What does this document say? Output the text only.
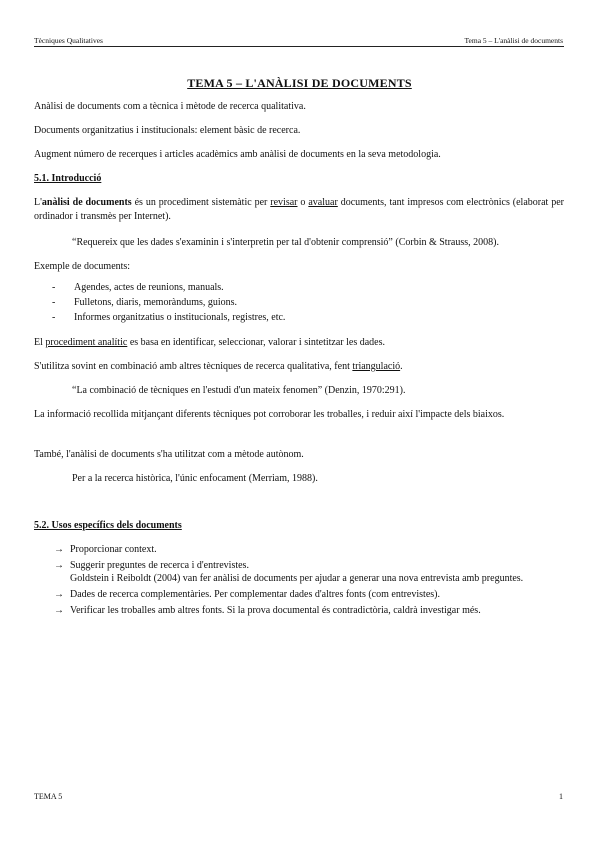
Tècniques Qualitatives	Tema 5 – L'anàlisi de documents
TEMA 5 – L'ANÀLISI DE DOCUMENTS
Anàlisi de documents com a tècnica i mètode de recerca qualitativa.
Documents organitzatius i institucionals: element bàsic de recerca.
Augment número de recerques i articles acadèmics amb anàlisi de documents en la seva metodologia.
5.1. Introducció
L'anàlisi de documents és un procediment sistemàtic per revisar o avaluar documents, tant impresos com electrònics (elaborat per ordinador i transmès per Internet).
“Requereix que les dades s'examinin i s'interpretin per tal d'obtenir comprensió” (Corbin & Strauss, 2008).
Exemple de documents:
- Agendes, actes de reunions, manuals.
- Fulletons, diaris, memoràndums, guions.
- Informes organitzatius o institucionals, registres, etc.
El procediment analític es basa en identificar, seleccionar, valorar i sintetitzar les dades.
S'utilitza sovint en combinació amb altres tècniques de recerca qualitativa, fent triangulació.
“La combinació de tècniques en l'estudi d'un mateix fenomen” (Denzin, 1970:291).
La informació recollida mitjançant diferents tècniques pot corroborar les troballes, i reduir així l'impacte dels biaixos.
També, l'anàlisi de documents s'ha utilitzat com a mètode autònom.
Per a la recerca històrica, l'únic enfocament (Merriam, 1988).
5.2. Usos específics dels documents
→ Proporcionar context.
→ Suggerir preguntes de recerca i d'entrevistes.
Goldstein i Reiboldt (2004) van fer anàlisi de documents per ajudar a generar una nova entrevista amb preguntes.
→ Dades de recerca complementàries. Per complementar dades d'altres fonts (com entrevistes).
→ Verificar les troballes amb altres fonts. Si la prova documental és contradictòria, caldrà investigar més.
TEMA 5	1
